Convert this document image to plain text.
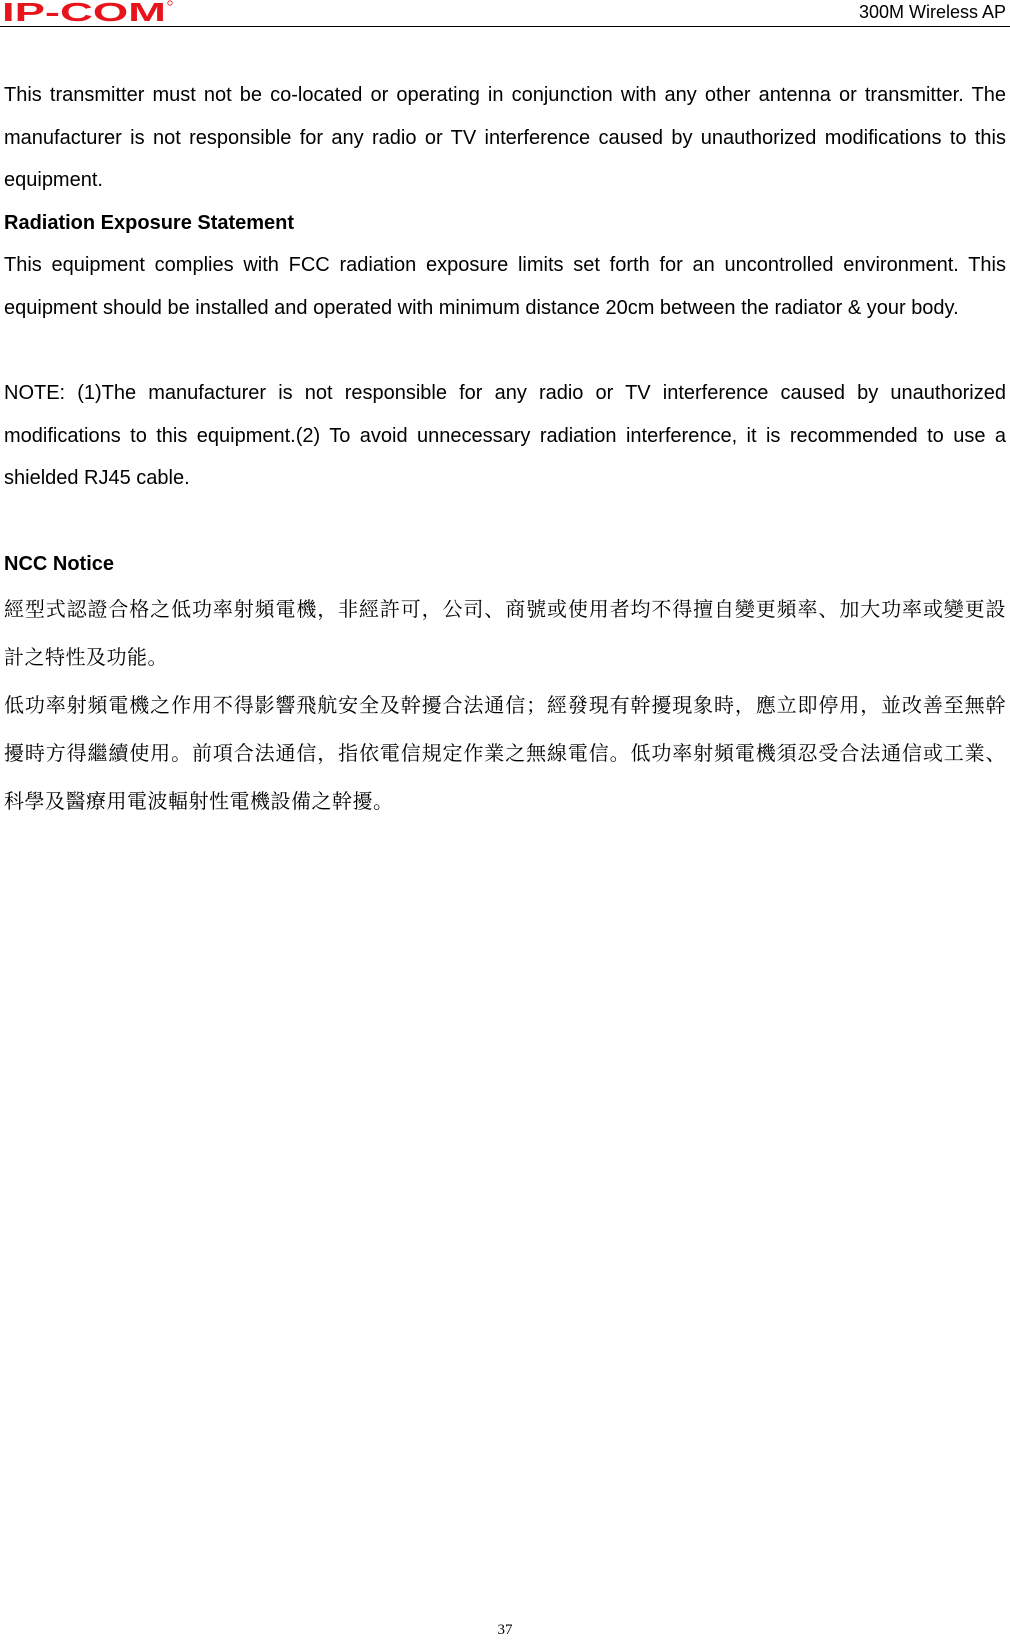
IP-COM	300M Wireless AP

This transmitter must not be co-located or operating in conjunction with any other antenna or transmitter. The manufacturer is not responsible for any radio or TV interference caused by unauthorized modifications to this equipment.

Radiation Exposure Statement

This equipment complies with FCC radiation exposure limits set forth for an uncontrolled environment. This equipment should be installed and operated with minimum distance 20cm between the radiator & your body.

NOTE: (1)The manufacturer is not responsible for any radio or TV interference caused by unauthorized modifications to this equipment.(2) To avoid unnecessary radiation interference, it is recommended to use a shielded RJ45 cable.

NCC Notice

經型式認證合格之低功率射頻電機，非經許可，公司、商號或使用者均不得擅自變更頻率、加大功率或變更設計之特性及功能。

低功率射頻電機之作用不得影響飛航安全及幹擾合法通信；經發現有幹擾現象時，應立即停用，並改善至無幹擾時方得繼續使用。前項合法通信，指依電信規定作業之無線電信。低功率射頻電機須忍受合法通信或工業、科學及醫療用電波輻射性電機設備之幹擾。

37
